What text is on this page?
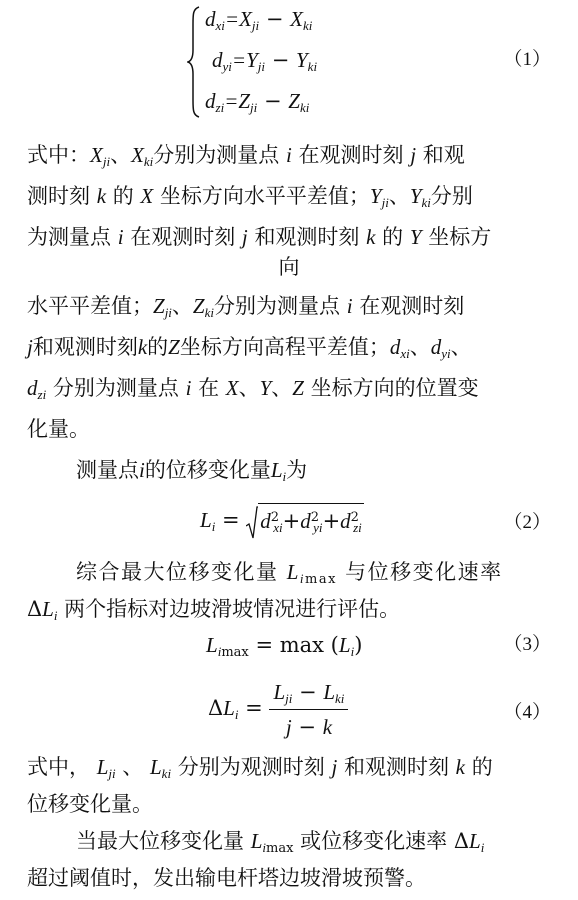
$d_{xi}=X_{ji} - X_{ki}$
$d_{yi}=Y_{ji} - Y_{ki}$
$d_{zi}=Z_{ji} - Z_{ki}$
（1）
式中：$X_{ji}$、$X_{ki}$分别为测量点 i 在观测时刻 j 和观
测时刻 k 的 X 坐标方向水平平差值；$Y_{ji}$、$Y_{ki}$分别
为测量点 i 在观测时刻 j 和观测时刻 k 的 Y 坐标方
向
水平平差值；$Z_{ji}$、$Z_{ki}$分别为测量点 i 在观测时刻
j和观测时刻k的Z坐标方向高程平差值；$d_{xi}$、$d_{yi}$、
$d_{zi}$ 分别为测量点 i 在 X、Y、Z 坐标方向的位置变
化量。
测量点i的位移变化量$L_i$为
$L_i = d^2_{xi}+d^2_{yi}+d^2_{zi}$	（2）
综合最大位移变化量 $L_{imax}$ 与位移变化速率
$\Delta L_i$ 两个指标对边坡滑坡情况进行评估。
$L_{imax} = \max (L_i)$	（3）
$\Delta L_i = \frac{L_{ji} - L_{ki}}{j - k}$	（4）
式中， $L_{ji}$ 、 $L_{ki}$ 分别为观测时刻 j 和观测时刻 k 的
位移变化量。
当最大位移变化量 $L_{imax}$ 或位移变化速率 $\Delta L_i$
超过阈值时，发出输电杆塔边坡滑坡预警。
